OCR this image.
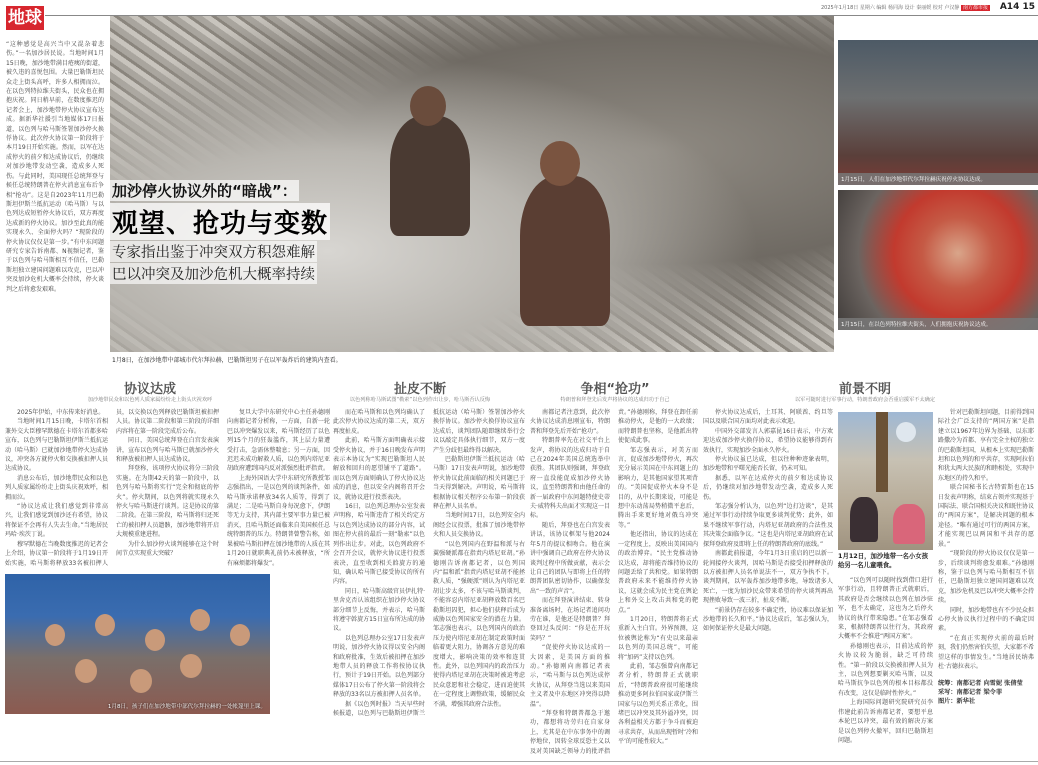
地球	2025年1月18日 星期六 编辑 杨同海 设计 秦丽媛 校对 卢汉静 南方都市报 A14 15
“这种感觉是高兴当中又混杂着悲伤。”一名加沙居民说。当地时间1月15日晚，加沙地带满目疮痍的街道，被久违的喜悦包围。大量巴勒斯坦民众走上街头高呼，许多人相拥而泣。在以色列特拉维夫街头，民众也在拥抱庆祝。同日稍早前，在数度推迟的记者会上，加沙地带停火协议宣布达成。据新华社援引当地媒体17日报道，以色列与哈马斯签署加沙停火换俘协议。此次停火协议第一阶段将于本月19日开始实施。然而，以军在达成停火的前夕和达成协议后，仍继续对加沙地带发动空袭，造成多人死伤。与此同时，美国现任总统拜登与候任总统特朗普在停火消息宣布后争相“抢功”。这是自2023年11月巴勒斯坦伊斯兰抵抗运动（哈马斯）与以色列达成短暂停火协议后，双方再度达成新的停火协议。加沙至此真的能实现永久、全面停火吗？“现阶段的停火协议仅仅是第一步。”有中东问题研究专家告诉南都、N视频记者，鉴于以色列与哈马斯相互不信任，巴勒斯坦独立建国问题难以攻克，巴以冲突及加沙危机大概率会持续，停火谈判之后将愈发艰难。
加沙停火协议外的“暗战”：
观望、抢功与变数
专家指出鉴于冲突双方积怨难解
巴以冲突及加沙危机大概率持续
1月8日，在加沙地带中部城市代尔拜拉赫，巴勒斯坦男子在以军轰炸后的建筑内查看。
1月15日，人们在加沙地带代尔拜拉赫庆祝停火协议达成。
1月15日，在以色列特拉维夫街头，人们拥抱庆祝协议达成。
协议达成
加沙地带民众和以色列人质家属纷纷走上街头庆祝欢呼
扯皮不断
以色列称哈马斯试图“勒索”以色列作出让步，哈马斯否认反悔
争相“抢功”
特朗普和拜登先后发声将协议的达成归功于自己
前景不明
以军可随时进行军事行动，特朗普政府会否重启援军不太确定

2025年伊始，中东传来好消息。

当地时间1月15日晚，卡塔尔首相兼外交大臣穆罕默德在卡塔尔首都多哈宣布，以色列与巴勒斯坦伊斯兰抵抗运动（哈马斯）已就加沙地带停火达成协议，冲突各方就停火和交换被扣押人员达成协议。

消息公布后，加沙地带民众和以色列人质家属纷纷走上街头庆祝欢呼，相拥而泣。

“协议达成让我们感觉到非常高兴，让我们感觉到加沙还有希望，协议将保证不会再有人失去生命。”当地居民玛哈·埃茨丁说。

穆罕默德在当晚数度推迟的记者会上介绍，协议第一阶段将于1月19日开始实施，哈马斯将释放33名被扣押人员，以交换以色列释放巴勒斯坦被扣押人员。协议第二阶段和第三阶段的详细内容将在第一阶段完成后公布。

同日，美国总统拜登在白宫发表演讲，宣布以色列与哈马斯已就加沙停火和释放被扣押人员达成协议。

拜登称，该项停火协议将分三阶段实施。在为期42天的第一阶段中，以色列与哈马斯将实行“完全和彻底的停火”。停火期间，以色列将就实现永久停火与哈马斯进行谈判。这是协议的第二阶段。在第三阶段，哈马斯将归还死亡的被扣押人员遗骸，加沙地带将开启大规模重建进程。

为什么加沙停火谈判能够在这个时间节点实现重大突破？

复旦大学中东研究中心主任孙德刚向南都记者分析称，一方面，自新一轮巴以冲突爆发以来，哈马斯经历了以色列15个月的狂轰滥炸，其上层力量遭受打击，急需休整喘息；另一方面，因迟迟未成功解救人质，以色列内塔尼亚胡政府遭到国内反对派强烈批评指责。

上海外国语大学中东研究所教授邹志强指出，一是以色列的谈判条件，如哈马斯承诺释放34名人质等，得到了满足；二是哈马斯自身每况愈下，伊朗等无力支持，其内部主要军事力量已被消灭，且哈马斯还面临来自美国候任总统特朗普的压力。特朗普曾警告称，如果被哈马斯扣押在加沙地带的人质在其1月20日就职典礼前仍未被释放，“所有麻烦都将爆发”。

1月8日，孩子们在加沙地带中部代尔拜拉赫的一处帐篷里上课。

而在哈马斯和以色列均确认了此次停火协议达成的第二天，双方再度扯皮。

此前，哈马斯方面明确表示接受停火协议，并于16日晚发布声明表示本协议为“实现巴勒斯坦人民解放和回归的愿望铺平了道路”。而以色列方面则确认了停火协议达成的消息，但以安全内阁将召开会议，就协议进行投票表决。

16日，以色列总理办公室发表声明称，哈马斯违背了相关约定方与以色列达成协议的部分内容，试图在停火前的最后一刻“勒索”以色列作出让步。对此，以色列政府不会召开会议，就停火协议进行投票表决，直至收到相关斡旋方的通知，确认哈马斯已接受协议的所有内容。

同日，哈马斯高级官员伊扎特·里舍克否认该组织在加沙停火协议部分细节上反悔，并表示，哈马斯将遵守斡旋方15日宣布所达成的协议。

以色列总理办公室17日发表声明说，加沙停火协议得以安全内阁和政府批准，生效后被扣押在加沙地带人员的释放工作将按协议执行，预计于19日开始。以色列部分媒体17日公布了停火第一阶段将会释放的33名以方被扣押人员名单。

据《以色列时报》当天早些时候报道，以色列与巴勒斯坦伊斯兰抵抗运动（哈马斯）签署加沙停火换俘协议。加沙停火换俘协议宣布达成后，谈判团队随即继续举行会议以敲定具体执行细节，双方一度产生分歧但最终得以解决。

巴勒斯坦伊斯兰抵抗运动（哈马斯）17日发表声明说，加沙地带停火协议此前面临的相关问题已于当天得到解决。声明说，哈马斯将根据协议相关程序公布第一阶段获释在押人员名单。

当地时间17日，以色列安全内阁经会议投票，批准了加沙地带停火和人员交换协议。

“以色列国内在野温和派与右翼强硬派都在指责内塔尼亚胡。”孙德刚告诉南都记者，以色列国内“温和派”指责内塔尼亚胡不能拯救人质，“强硬派”则认为内塔尼亚胡让步太多，不该与哈马斯谈判，不能容忍内塔尼亚胡释放数百名巴勒斯坦囚犯，担心他们获释后成为威胁以色列国家安全的潜在力量。邹志强也表示，以色列国内的政治压力使内塔尼亚胡在制定政策时面临着更大阻力，协调各方意见的难度增大，影响决策的效率和连贯性。此外，以色列国内的政治压力使得内塔尼亚胡在决策时被迫考虑民众意愿和社会稳定，进而迫使其在一定程度上调整政策，缓解民众不满，增强其政府合法性。

南都记者注意到，此次停火协议达成消息刚宣布，特朗普和拜登先后开始“抢功”。

特朗普率先在社交平台上发声，将协议的达成归功于自己在2024年美国总统选举中获胜。其团队则强调，拜登政府一直没能促成加沙停火协议，直至特朗普和由他任命的新一届政府中东问题特使史蒂夫·威特科夫出面才实现这一目标。

随后，拜登也在白宫发表讲话，该协议框架与他2024年5月的提议相吻合。他在演讲中强调自己政府在停火协议谈判过程中所做贡献，表示会让自己的团队与即将上任的特朗普团队密切协作，以确保发出“一致的声音”。

而在拜登演讲结束、转身准备离场时，在场记者追问功劳在谁，是他还是特朗普？拜登回过头反问：“你是在开玩笑吗？”

“促使停火协议达成的一大因素，是美国方面的推动。”孙德刚向南都记者表示，“哈马斯与以色列达成停火协议，从拜登当选以来美国主义者及中东地区冲突得以降温”。

“拜登和特朗普都急于邀功，都想将功劳归在自家身上，尤其是在中东事务中的调停地位，因转全球反恐主义以及对美国缺乏领导力的批评指责。”孙德刚称，拜登在卸任前推动停火，是他的一大政绩；而特朗普也坚称，是他派出特使促成此事。

邹志强表示，对美方而言，促成加沙地带停火，再次充分展示美国在中东问题上的影响力，是其他国家望其项背的。“美国促成停火本身不是目的，从中长期来说，可能是想中东动荡局势稍微平息后，腾出手来更好地对俄乌冲突等。”

他还指出，协议的达成在一定程度上，反映出美国国内的政治博弈。“民主党推动协议达成，却将能否维持协议的问题丢给了共和党。如果特朗普政府未来不能维持停火协议，这就会成为民主党在舆论上和外交上攻击共和党的靶点。”

1月20日，特朗普将正式重新入主白宫。外界预测，这位被舆论称为“有史以来最亲以色列的美国总统”，可能将“加码”支持以色列。

此前，邹志强曾向南都记者分析，特朗普正式就职后，“特朗普政府很可能继续推动更多阿拉伯国家或伊斯兰国家与以色列关系正常化，围堵巴以冲突及其外溢冲突，因各利益相关方都于争斗而被迫寻求共存，从而出现暂时‘冷和平’的可能性较大。”

停火协议达成后，土耳其、阿联酋、约旦等国以及联合国方面均对此表示欢迎。

中国外交部发言人郭嘉昆16日表示，中方欢迎达成加沙停火换俘协议，希望协议能够得到有效执行，实现加沙全面永久停火。

停火协议虽已达成，但以往种种迹象表明，加沙地带和平曙光能否长留，仍未可知。

据悉，以军在达成停火的前夕和达成协议后，仍继续对加沙地带发动空袭，造成多人死伤。

邹志强分析认为，以色列“边打边谈”，是其通过军事行动持续争取更多谈判优势；此外，如果不继续军事行动，内塔尼亚胡政府的合法性及其决策会面临争议。“这也是内塔尼亚胡政府在试探拜登政府及即将上任的特朗普政府的底线。”

南都此前报道，今年1月3日重启的巴以新一轮间接停火谈判，因哈马斯是否接受扣押释放的以方被扣押人员名单说法不一，双方争执不下。谈判期间，以军轰炸加沙地带多地，导致诸多人死亡，一度为加沙民众带来希望的停火谈判再出现挫败导致一波三折，扯皮不断。

“前景仍存在较多不确定性，协议难以保证加沙地带的长久和平。”协议达成后，邹志强认为，如何保证停火是最大问题。

1月12日，加沙地带一名小女孩给另一名儿童喂食。

“以色列可以随时找到借口进行军事行动，且特朗普正式就职后，其政府是否会继续以色列在加沙驻军，也不太确定，这也为之后停火协议的执行带来隐患。”在邹志强看来，根据特朗普以往行为，其政府大概率不会推进“两国方案”。

孙德刚也表示，目前达成的停火协议较为脆弱，缺乏可持续性。“第一阶段以交换被扣押人员为主，以色列想要剿灭哈马斯，以及哈马斯抗争以色列的根本目标都没有改变，这仅是临时性停火。”

上海国际问题研究院研究员李伟建此前告诉南都记者，要想平息本轮巴以冲突，最有效的解决方案是以色列停火撤军，回归巴勒斯坦问题。

针对巴勒斯坦问题，目前得到国际社会广泛支持的“两国方案”是指建立以1967年边界为基础、以东耶路撒冷为首都、享有完全主权的独立的巴勒斯坦国，从根本上实现巴勒斯坦和以色列的和平共存，实现阿拉伯和犹太两大民族的和睦相处，实现中东地区的持久和平。

联合国秘书长古特雷斯也在15日发表声明称，结束占领并实现基于国际法、联合国相关决议和既往协议的“两国方案”，是解决问题的根本途径。“唯有通过可行的两国方案，才能实现巴以两国和平共存的愿景。”

“现阶段的停火协议仅仅是第一步，后续谈判将愈发艰难。”孙德刚称，鉴于以色列与哈马斯相互不信任，巴勒斯坦独立建国问题难以攻克，加沙危机及巴以冲突大概率会持续。

同时，加沙地带也有不少民众担心停火协议执行过程中的不确定因素。

“在真正实现停火前的最后时刻，我们仍然害怕失望，大家都不希望这样的事情发生。”当地居民纳弗杜·古德拉表示。

统筹：南都记者 向雪妮 张倩莹
采写：南都记者 梁令菲
图片：新华社
